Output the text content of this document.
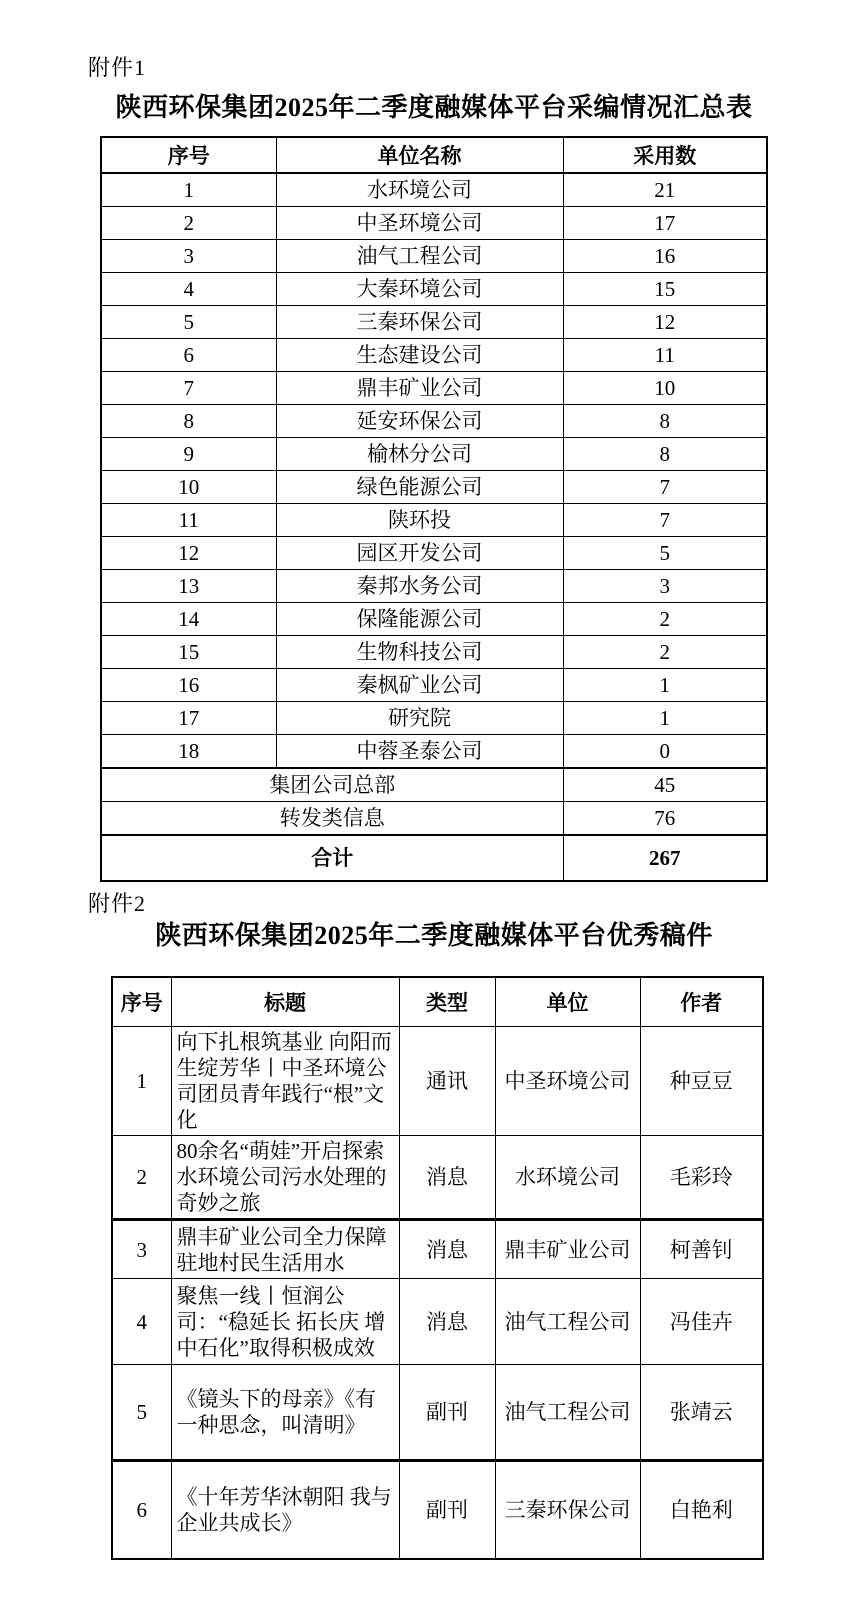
附件1
陕西环保集团2025年二季度融媒体平台采编情况汇总表
序号	单位名称	采用数
1	水环境公司	21
2	中圣环境公司	17
3	油气工程公司	16
4	大秦环境公司	15
5	三秦环保公司	12
6	生态建设公司	11
7	鼎丰矿业公司	10
8	延安环保公司	8
9	榆林分公司	8
10	绿色能源公司	7
11	陕环投	7
12	园区开发公司	5
13	秦邦水务公司	3
14	保隆能源公司	2
15	生物科技公司	2
16	秦枫矿业公司	1
17	研究院	1
18	中蓉圣泰公司	0
集团公司总部		45
转发类信息		76
合计		267
附件2
陕西环保集团2025年二季度融媒体平台优秀稿件
序号	标题	类型	单位	作者
1	向下扎根筑基业 向阳而生绽芳华丨中圣环境公司团员青年践行“根”文化	通讯	中圣环境公司	种豆豆
2	80余名“萌娃”开启探索水环境公司污水处理的奇妙之旅	消息	水环境公司	毛彩玲
3	鼎丰矿业公司全力保障驻地村民生活用水	消息	鼎丰矿业公司	柯善钊
4	聚焦一线丨恒润公司：“稳延长 拓长庆 增中石化”取得积极成效	消息	油气工程公司	冯佳卉
5	《镜头下的母亲》《有一种思念，叫清明》	副刊	油气工程公司	张靖云
6	《十年芳华沐朝阳 我与企业共成长》	副刊	三秦环保公司	白艳利
